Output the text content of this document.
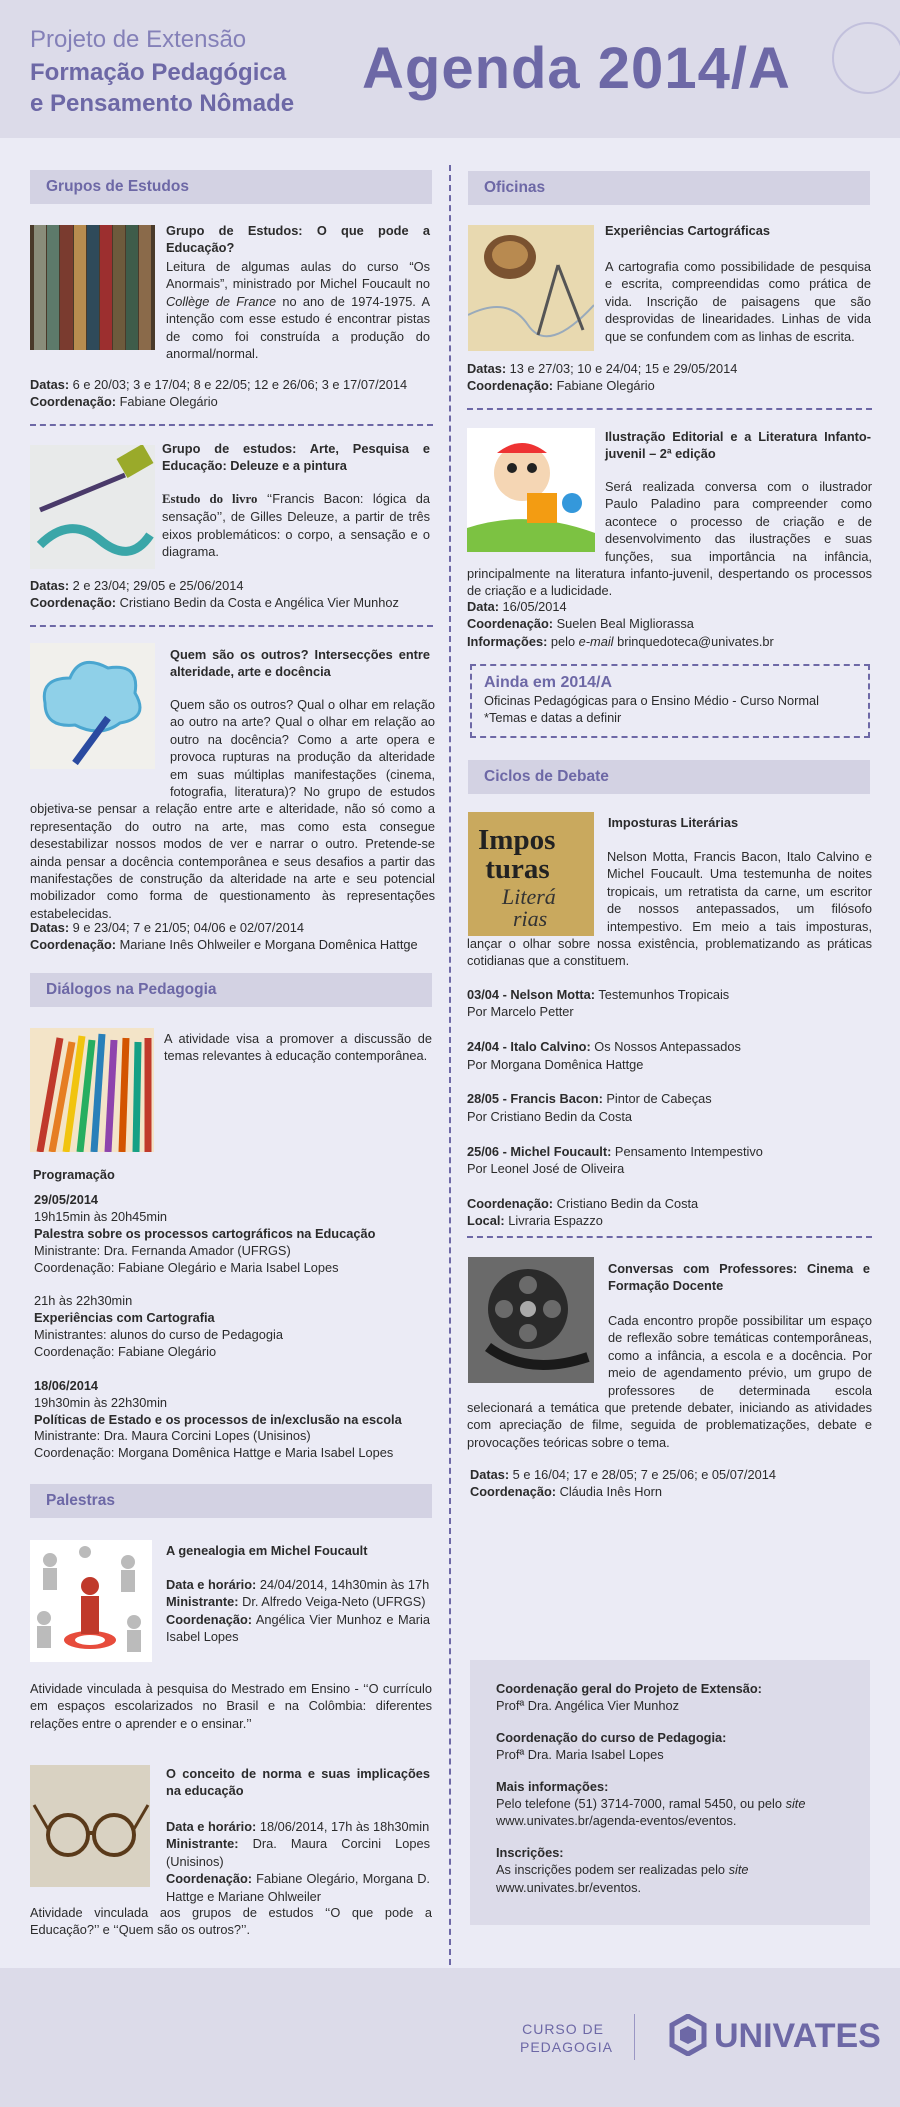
Projeto de Extensão
Formação Pedagógica
e Pensamento Nômade
Agenda 2014/A
Grupos de Estudos
Grupo de Estudos: O que pode a Educação?
Leitura de algumas aulas do curso “Os Anormais”, ministrado por Michel Foucault no Collège de France no ano de 1974-1975. A intenção com esse estudo é encontrar pistas de como foi construída a produção do anormal/normal.
Datas: 6 e 20/03; 3 e 17/04; 8 e 22/05; 12 e 26/06; 3 e 17/07/2014
Coordenação: Fabiane Olegário
Grupo de estudos: Arte, Pesquisa e Educação: Deleuze e a pintura
Estudo do livro ‘‘Francis Bacon: lógica da sensação’’, de Gilles Deleuze, a partir de três eixos problemáticos: o corpo, a sensação e o diagrama.
Datas: 2 e 23/04; 29/05 e 25/06/2014
Coordenação: Cristiano Bedin da Costa e Angélica Vier Munhoz
Quem são os outros? Intersecções entre alteridade, arte e docência
Quem são os outros? Qual o olhar em relação ao outro na arte? Qual o olhar em relação ao outro na docência? Como a arte opera e provoca rupturas na produção da alteridade em suas múltiplas manifestações (cinema, fotografia, literatura)? No grupo de estudos objetiva-se pensar a relação entre arte e alteridade, não só como a representação do outro na arte, mas como esta consegue desestabilizar nossos modos de ver e narrar o outro. Pretende-se ainda pensar a docência contemporânea e seus desafios a partir das manifestações de construção da alteridade na arte e seu potencial mobilizador como forma de questionamento às representações estabelecidas.
Datas: 9 e 23/04; 7 e 21/05; 04/06 e 02/07/2014
Coordenação: Mariane Inês Ohlweiler e Morgana Domênica Hattge
Diálogos na Pedagogia
A atividade visa a promover a discussão de temas relevantes à educação contemporânea.
Programação
29/05/2014
19h15min às 20h45min
Palestra sobre os processos cartográficos na Educação
Ministrante: Dra. Fernanda Amador (UFRGS)
Coordenação: Fabiane Olegário e Maria Isabel Lopes

21h às 22h30min
Experiências com Cartografia
Ministrantes: alunos do curso de Pedagogia
Coordenação: Fabiane Olegário

18/06/2014
19h30min às 22h30min
Políticas de Estado e os processos de in/exclusão na escola
Ministrante: Dra. Maura Corcini Lopes (Unisinos)
Coordenação: Morgana Domênica Hattge e Maria Isabel Lopes
Palestras
A genealogia em Michel Foucault
Data e horário: 24/04/2014, 14h30min às 17h
Ministrante: Dr. Alfredo Veiga-Neto (UFRGS)
Coordenação: Angélica Vier Munhoz e Maria Isabel Lopes
Atividade vinculada à pesquisa do Mestrado em Ensino - ‘‘O currículo em espaços escolarizados no Brasil e na Colômbia: diferentes relações entre o aprender e o ensinar.’’
O conceito de norma e suas implicações na educação
Data e horário: 18/06/2014, 17h às 18h30min
Ministrante: Dra. Maura Corcini Lopes (Unisinos)
Coordenação: Fabiane Olegário, Morgana D. Hattge e Mariane Ohlweiler
Atividade vinculada aos grupos de estudos ‘‘O que pode a Educação?’’ e ‘‘Quem são os outros?’’.
Oficinas
Experiências Cartográficas
A cartografia como possibilidade de pesquisa e escrita, compreendidas como prática de vida. Inscrição de paisagens que são desprovidas de linearidades. Linhas de vida que se confundem com as linhas de escrita.
Datas: 13 e 27/03; 10 e 24/04; 15 e 29/05/2014
Coordenação: Fabiane Olegário
Ilustração Editorial e a Literatura Infanto-juvenil – 2ª edição
Será realizada conversa com o ilustrador Paulo Paladino para compreender como acontece o processo de criação e de desenvolvimento das ilustrações e suas funções, sua importância na infância, principalmente na literatura infanto-juvenil, despertando os processos de criação e a ludicidade.
Data: 16/05/2014
Coordenação: Suelen Beal Migliorassa
Informações: pelo e-mail brinquedoteca@univates.br
Ainda em 2014/A
Oficinas Pedagógicas para o Ensino Médio - Curso Normal
*Temas e datas a definir
Ciclos de Debate
Impos
turas
Literá
rias
Imposturas Literárias
Nelson Motta, Francis Bacon, Italo Calvino e Michel Foucault. Uma testemunha de noites tropicais, um retratista da carne, um escritor de nossos antepassados, um filósofo intempestivo. Em meio a tais imposturas, lançar o olhar sobre nossa existência, problematizando as práticas cotidianas que a constituem.
03/04 - Nelson Motta: Testemunhos Tropicais
Por Marcelo Petter

24/04 - Italo Calvino: Os Nossos Antepassados
Por Morgana Domênica Hattge

28/05 - Francis Bacon: Pintor de Cabeças
Por Cristiano Bedin da Costa

25/06 - Michel Foucault: Pensamento Intempestivo
Por Leonel José de Oliveira

Coordenação: Cristiano Bedin da Costa
Local: Livraria Espazzo
Conversas com Professores: Cinema e Formação Docente
Cada encontro propõe possibilitar um espaço de reflexão sobre temáticas contemporâneas, como a infância, a escola e a docência. Por meio de agendamento prévio, um grupo de professores de determinada escola selecionará a temática que pretende debater, iniciando as atividades com apreciação de filme, seguida de problematizações, debate e provocações teóricas sobre o tema.
Datas: 5 e 16/04; 17 e 28/05; 7 e 25/06; e 05/07/2014
Coordenação: Cláudia Inês Horn

Coordenação geral do Projeto de Extensão:
Profª Dra. Angélica Vier Munhoz

Coordenação do curso de Pedagogia:
Profª Dra. Maria Isabel Lopes

Mais informações:
Pelo telefone (51) 3714-7000, ramal 5450, ou pelo site
www.univates.br/agenda-eventos/eventos.

Inscrições:
As inscrições podem ser realizadas pelo site
www.univates.br/eventos.

CURSO DE
PEDAGOGIA	UNIVATES
